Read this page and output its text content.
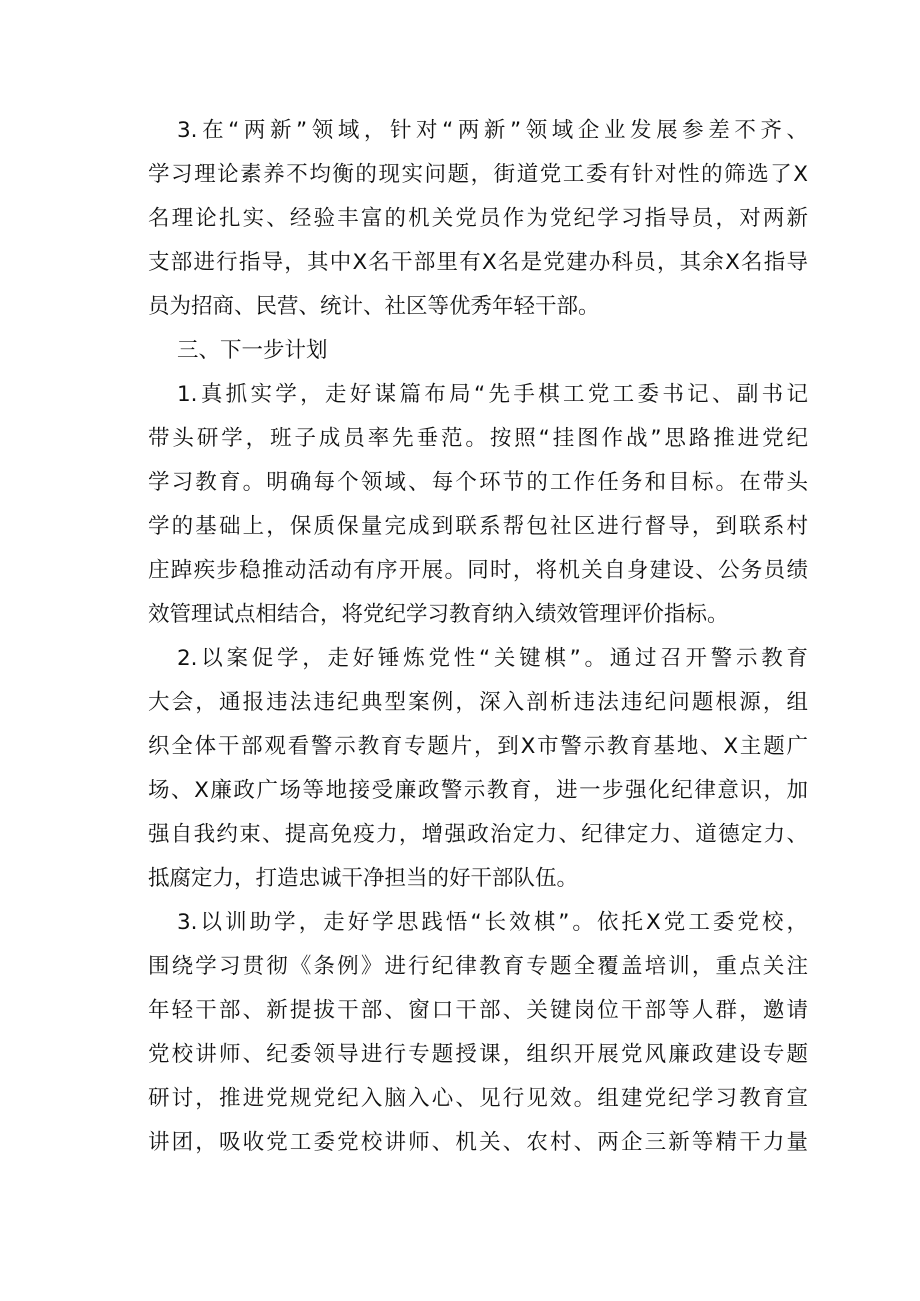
3.在“两新”领域，针对“两新”领域企业发展参差不齐、
学习理论素养不均衡的现实问题，街道党工委有针对性的筛选了X
名理论扎实、经验丰富的机关党员作为党纪学习指导员，对两新
支部进行指导，其中X名干部里有X名是党建办科员，其余X名指导
员为招商、民营、统计、社区等优秀年轻干部。
三、下一步计划
1.真抓实学，走好谋篇布局“先手棋工党工委书记、副书记
带头研学，班子成员率先垂范。按照“挂图作战”思路推进党纪
学习教育。明确每个领域、每个环节的工作任务和目标。在带头
学的基础上，保质保量完成到联系帮包社区进行督导，到联系村
庄踔疾步稳推动活动有序开展。同时，将机关自身建设、公务员绩
效管理试点相结合，将党纪学习教育纳入绩效管理评价指标。
2.以案促学，走好锤炼党性“关键棋”。通过召开警示教育
大会，通报违法违纪典型案例，深入剖析违法违纪问题根源，组
织全体干部观看警示教育专题片，到X市警示教育基地、X主题广
场、X廉政广场等地接受廉政警示教育，进一步强化纪律意识，加
强自我约束、提高免疫力，增强政治定力、纪律定力、道德定力、
抵腐定力，打造忠诚干净担当的好干部队伍。
3.以训助学，走好学思践悟“长效棋”。依托X党工委党校，
围绕学习贯彻《条例》进行纪律教育专题全覆盖培训，重点关注
年轻干部、新提拔干部、窗口干部、关键岗位干部等人群，邀请
党校讲师、纪委领导进行专题授课，组织开展党风廉政建设专题
研讨，推进党规党纪入脑入心、见行见效。组建党纪学习教育宣
讲团，吸收党工委党校讲师、机关、农村、两企三新等精干力量
